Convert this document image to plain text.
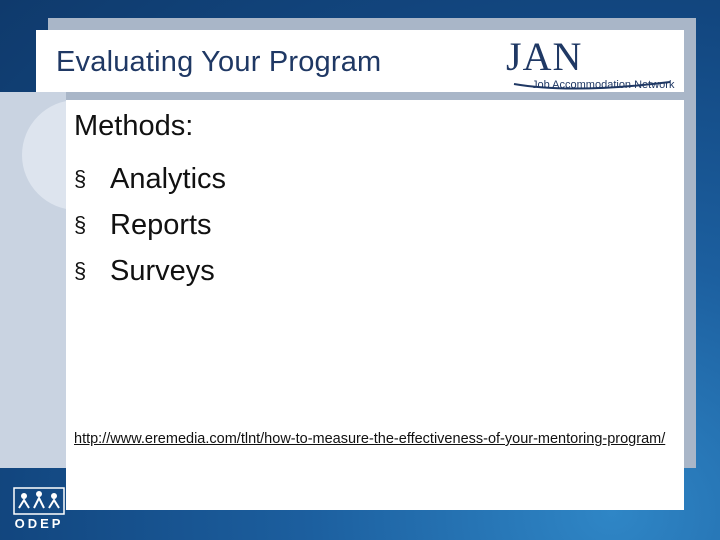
Evaluating Your Program	JAN
Job Accommodation Network

Methods:

§ Analytics
§ Reports
§ Surveys
http://www.eremedia.com/tlnt/how-to-measure-the-effectiveness-of-your-mentoring-program/
ODEP
